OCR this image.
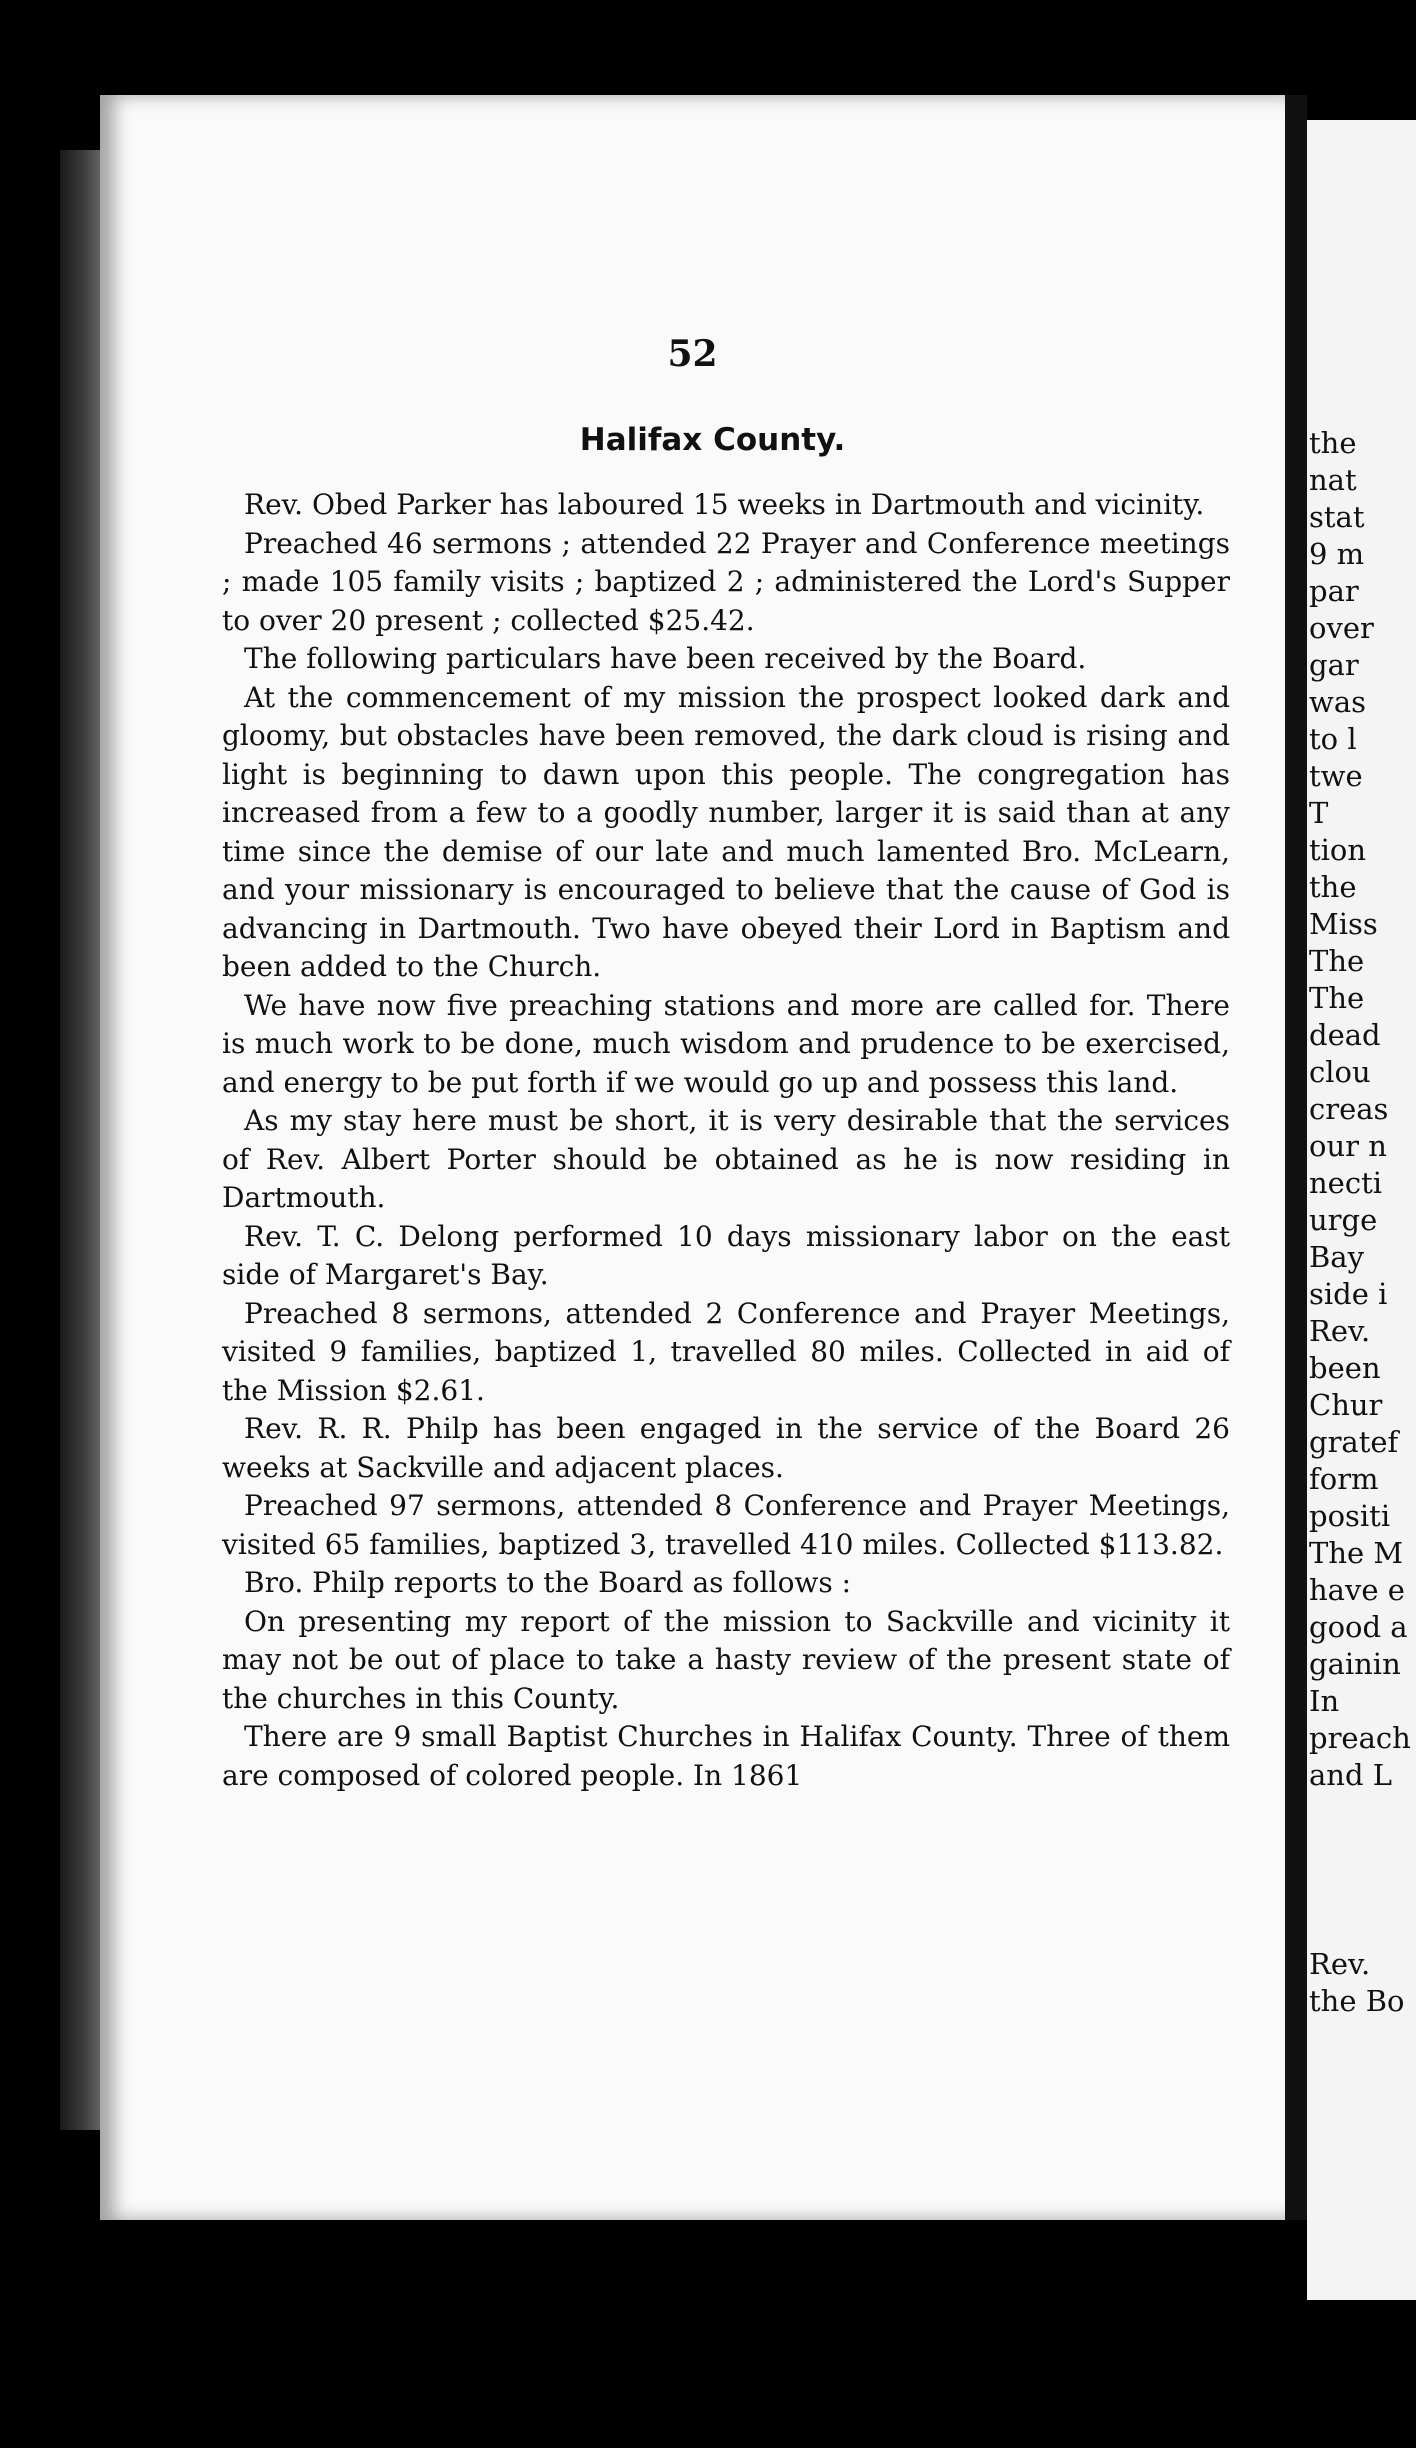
52
Halifax County.

Rev. Obed Parker has laboured 15 weeks in Dartmouth and vicinity.

Preached 46 sermons ; attended 22 Prayer and Conference meetings ; made 105 family visits ; baptized 2 ; administered the Lord's Supper to over 20 present ; collected $25.42.

The following particulars have been received by the Board.

At the commencement of my mission the prospect looked dark and gloomy, but obstacles have been removed, the dark cloud is rising and light is beginning to dawn upon this people. The congregation has increased from a few to a goodly number, larger it is said than at any time since the demise of our late and much lamented Bro. McLearn, and your missionary is encouraged to believe that the cause of God is advancing in Dartmouth. Two have obeyed their Lord in Baptism and been added to the Church.

We have now five preaching stations and more are called for. There is much work to be done, much wisdom and prudence to be exercised, and energy to be put forth if we would go up and possess this land.

As my stay here must be short, it is very desirable that the services of Rev. Albert Porter should be obtained as he is now residing in Dartmouth.

Rev. T. C. Delong performed 10 days missionary labor on the east side of Margaret's Bay.

Preached 8 sermons, attended 2 Conference and Prayer Meetings, visited 9 families, baptized 1, travelled 80 miles. Collected in aid of the Mission $2.61.

Rev. R. R. Philp has been engaged in the service of the Board 26 weeks at Sackville and adjacent places.

Preached 97 sermons, attended 8 Conference and Prayer Meetings, visited 65 families, baptized 3, travelled 410 miles. Collected $113.82.

Bro. Philp reports to the Board as follows :

On presenting my report of the mission to Sackville and vicinity it may not be out of place to take a hasty review of the present state of the churches in this County.

There are 9 small Baptist Churches in Halifax County. Three of them are composed of colored people. In 1861

the
nat
stat
9 m
par
over
gar
was
to l
twe
T
tion
the
Miss
The
The
dead
clou
creas
our n
necti
urge
Bay
side i
Rev.
been
Chur
gratef
form
positi
The M
have e
good a
gainin
In
preach
and L
Rev.
the Bo
